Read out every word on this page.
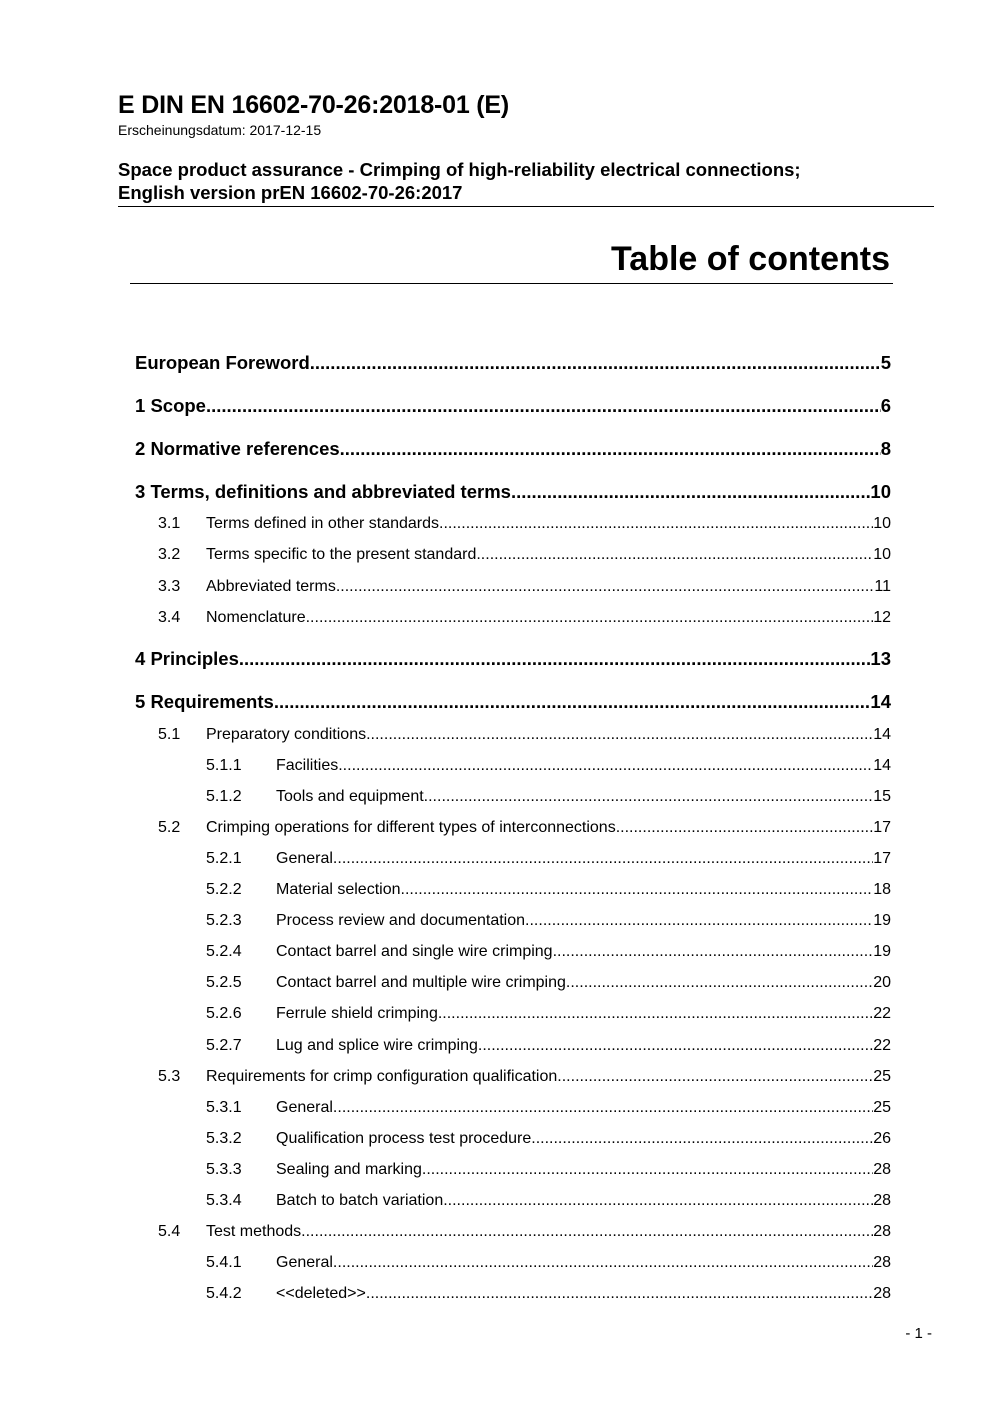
E DIN EN 16602-70-26:2018-01 (E)
Erscheinungsdatum: 2017-12-15
Space product assurance - Crimping of high-reliability electrical connections;
English version prEN 16602-70-26:2017
Table of contents
European Foreword .....	5
1 Scope .....	6
2 Normative references .....	8
3 Terms, definitions and abbreviated terms .....	10
3.1	Terms defined in other standards .....	10
3.2	Terms specific to the present standard .....	10
3.3	Abbreviated terms .....	11
3.4	Nomenclature .....	12
4 Principles .....	13
5 Requirements .....	14
5.1	Preparatory conditions .....	14
5.1.1	Facilities .....	14
5.1.2	Tools and equipment .....	15
5.2	Crimping operations for different types of interconnections .....	17
5.2.1	General .....	17
5.2.2	Material selection .....	18
5.2.3	Process review and documentation .....	19
5.2.4	Contact barrel and single wire crimping .....	19
5.2.5	Contact barrel and multiple wire crimping .....	20
5.2.6	Ferrule shield crimping .....	22
5.2.7	Lug and splice wire crimping .....	22
5.3	Requirements for crimp configuration qualification .....	25
5.3.1	General .....	25
5.3.2	Qualification process test procedure .....	26
5.3.3	Sealing and marking .....	28
5.3.4	Batch to batch variation .....	28
5.4	Test methods .....	28
5.4.1	General .....	28
5.4.2	<<deleted>> .....	28
- 1 -
